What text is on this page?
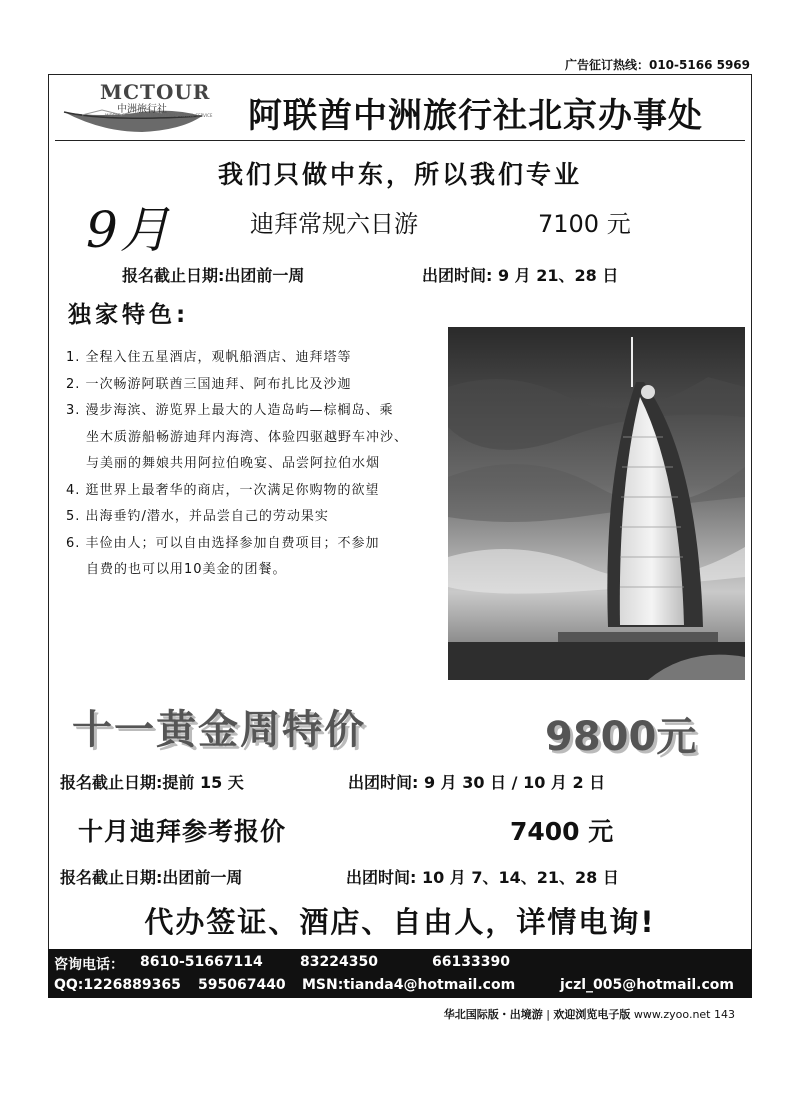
广告征订热线：010-5166 5969
MCTOUR
中洲旅行社
MIDDLE CHINA AND INTERNATIONAL TRAVEL SERVICE 阿联酋中洲旅行社北京办事处
我们只做中东，所以我们专业
9月	迪拜常规六日游	7100 元
报名截止日期:出团前一周	出团时间: 9 月 21、28 日
独家特色:
1. 全程入住五星酒店，观帆船酒店、迪拜塔等
2. 一次畅游阿联酋三国迪拜、阿布扎比及沙迦
3. 漫步海滨、游览界上最大的人造岛屿—棕榈岛、乘
坐木质游船畅游迪拜内海湾、体验四驱越野车冲沙、
与美丽的舞娘共用阿拉伯晚宴、品尝阿拉伯水烟
4. 逛世界上最奢华的商店，一次满足你购物的欲望
5. 出海垂钓/潜水，并品尝自己的劳动果实
6. 丰俭由人；可以自由选择参加自费项目；不参加
自费的也可以用10美金的团餐。
十一黄金周特价	9800元
报名截止日期:提前 15 天	出团时间: 9 月 30 日 / 10 月 2 日
十月迪拜参考报价	7400 元
报名截止日期:出团前一周	出团时间: 10 月 7、14、21、28 日
代办签证、酒店、自由人，详情电询!
咨询电话： 8610-51667114	83224350	66133390
QQ:1226889365 595067440 MSN:tianda4@hotmail.com	jczl_005@hotmail.com
华北国际版・出境游 | 欢迎浏览电子版 www.zyoo.net 143
